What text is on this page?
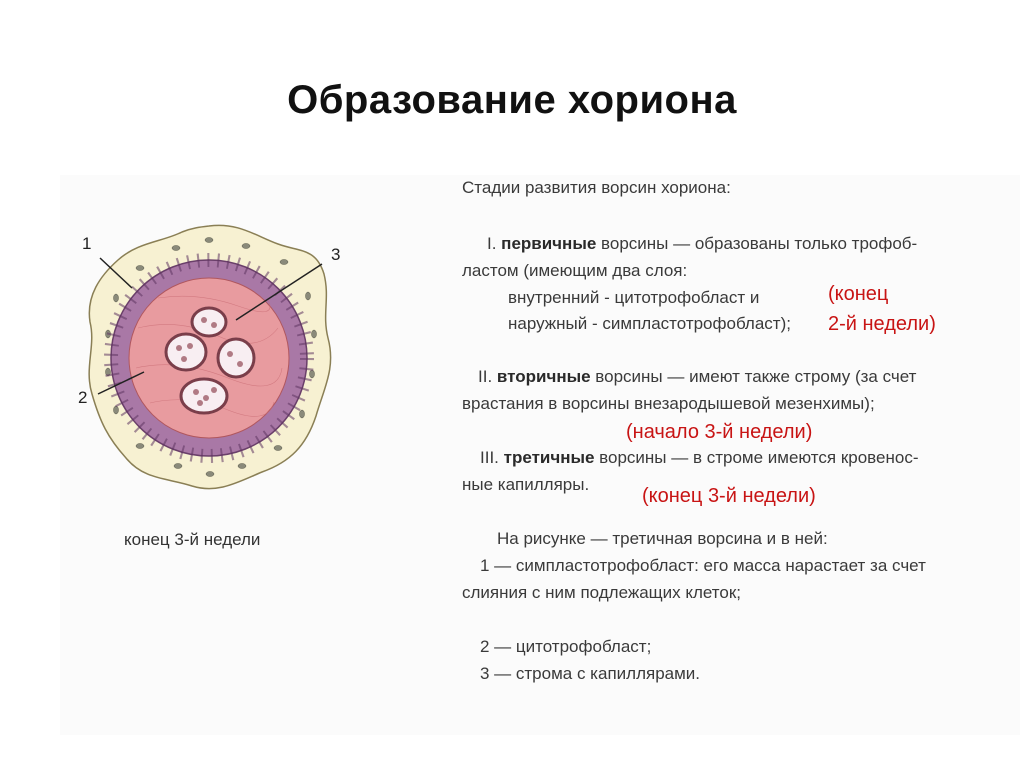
Образование хориона
1
2
3
конец 3-й недели
Стадии развития ворсин хориона:
I. первичные ворсины — образованы только трофоб-
ластом (имеющим два слоя:
внутренний - цитотрофобласт и
наружный - симпластотрофобласт);
(конец
2-й недели)
II. вторичные ворсины — имеют также строму (за счет
врастания в ворсины внезародышевой мезенхимы);
(начало 3-й недели)
III. третичные ворсины — в строме имеются кровенос-
ные капилляры.
(конец 3-й недели)
На рисунке — третичная ворсина и в ней:
1 — симпластотрофобласт: его масса нарастает за счет
слияния с ним подлежащих клеток;
2 — цитотрофобласт;
3 — строма с капиллярами.
